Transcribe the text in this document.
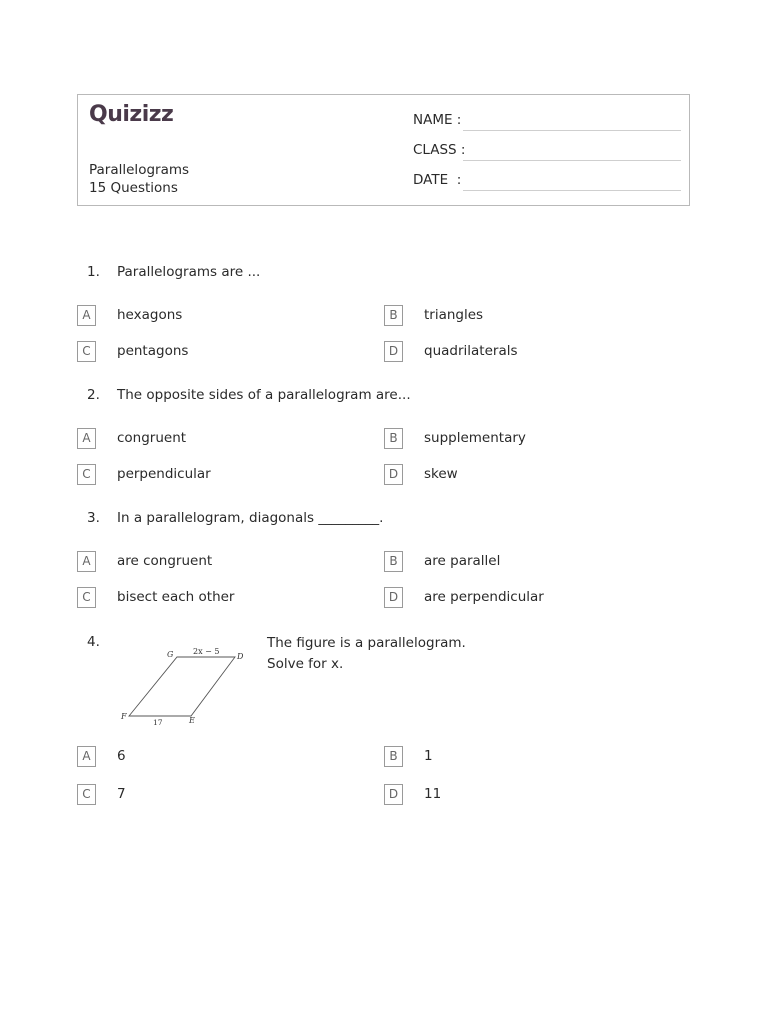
Quizizz
Parallelograms
15 Questions
NAME :
CLASS :
DATE  :
1. Parallelograms are ...
A	hexagons	B	triangles
C	pentagons	D	quadrilaterals
2. The opposite sides of a parallelogram are...
A	congruent	B	supplementary
C	perpendicular	D	skew
3. In a parallelogram, diagonals _________.
A	are congruent	B	are parallel
C	bisect each other	D	are perpendicular
4.
G	D
F	E
2x − 5
17
The figure is a parallelogram.
Solve for x.
A	6	B	1
C	7	D	11
